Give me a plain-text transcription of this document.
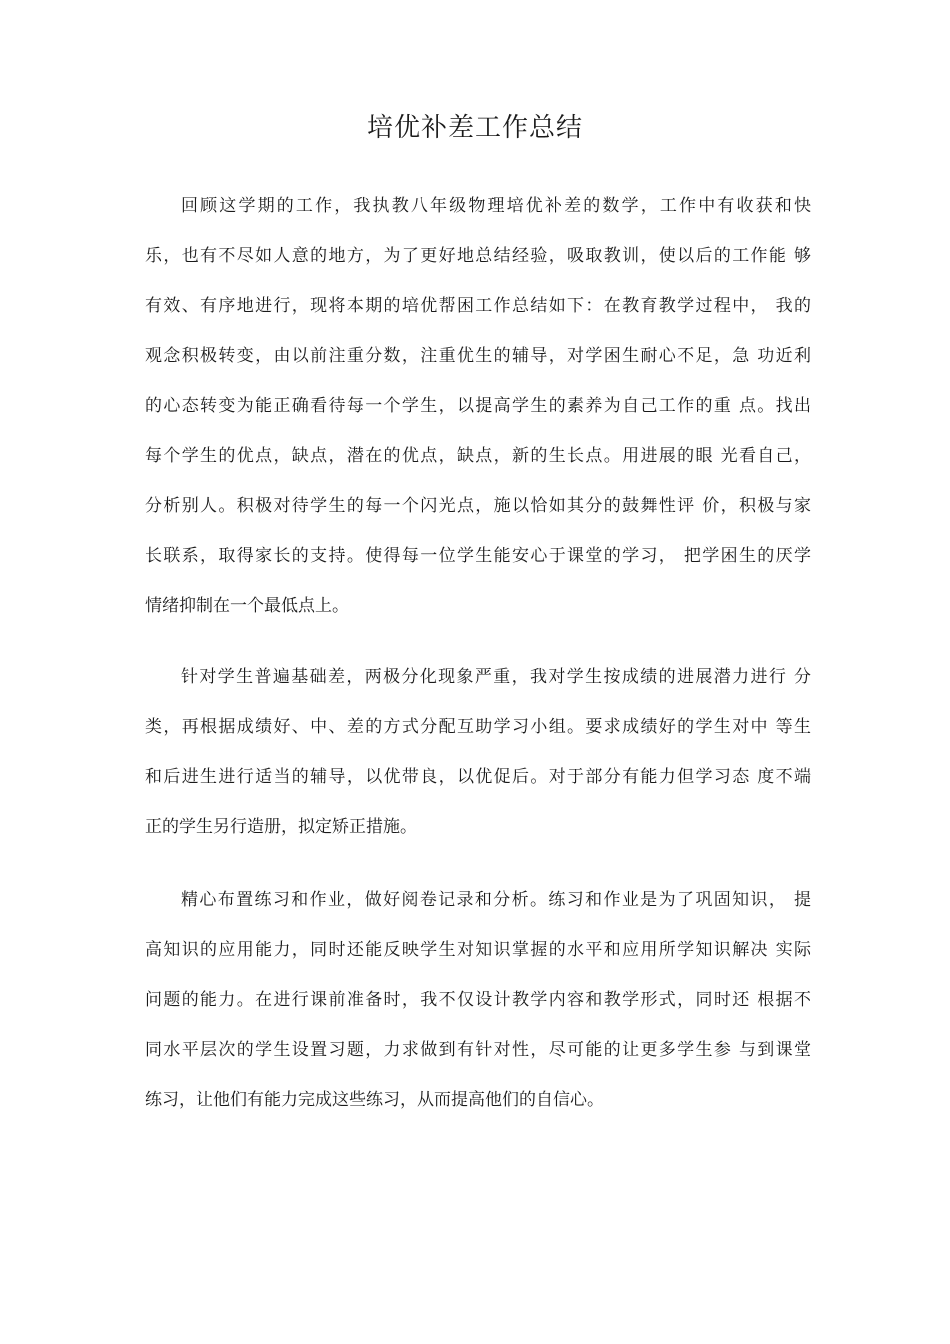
培优补差工作总结
回顾这学期的工作，我执教八年级物理培优补差的数学，工作中有收获和快
乐，也有不尽如人意的地方，为了更好地总结经验，吸取教训，使以后的工作能 够
有效、有序地进行，现将本期的培优帮困工作总结如下：在教育教学过程中， 我的
观念积极转变，由以前注重分数，注重优生的辅导，对学困生耐心不足，急 功近利
的心态转变为能正确看待每一个学生，以提高学生的素养为自己工作的重 点。找出
每个学生的优点，缺点，潜在的优点，缺点，新的生长点。用进展的眼 光看自己，
分析别人。积极对待学生的每一个闪光点，施以恰如其分的鼓舞性评 价，积极与家
长联系，取得家长的支持。使得每一位学生能安心于课堂的学习， 把学困生的厌学
情绪抑制在一个最低点上。
针对学生普遍基础差，两极分化现象严重，我对学生按成绩的进展潜力进行 分
类，再根据成绩好、中、差的方式分配互助学习小组。要求成绩好的学生对中 等生
和后进生进行适当的辅导，以优带良，以优促后。对于部分有能力但学习态 度不端
正的学生另行造册，拟定矫正措施。
精心布置练习和作业，做好阅卷记录和分析。练习和作业是为了巩固知识， 提
高知识的应用能力，同时还能反映学生对知识掌握的水平和应用所学知识解决 实际
问题的能力。在进行课前准备时，我不仅设计教学内容和教学形式，同时还 根据不
同水平层次的学生设置习题，力求做到有针对性，尽可能的让更多学生参 与到课堂
练习，让他们有能力完成这些练习，从而提高他们的自信心。
